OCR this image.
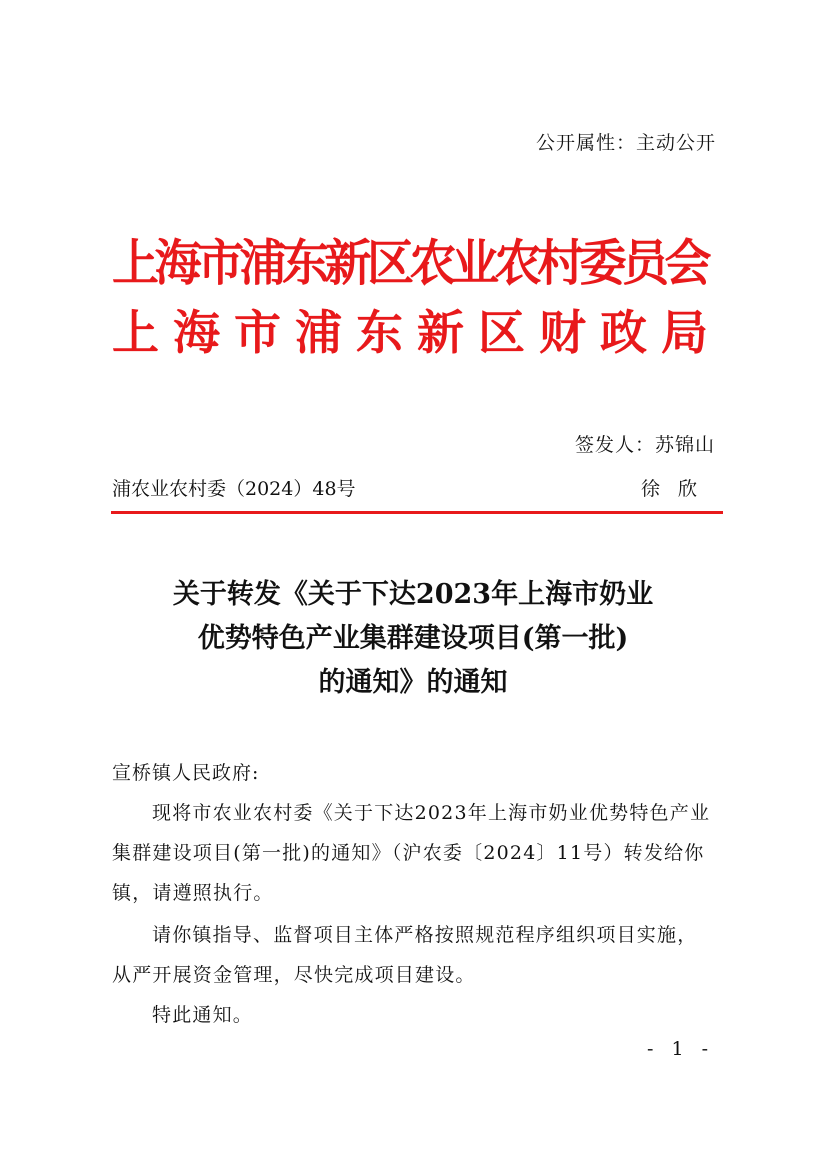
公开属性：主动公开
上海市浦东新区农业农村委员会
上海市浦东新区财政局
签发人：苏锦山
浦农业农村委（2024）48号	徐欣
关于转发《关于下达2023年上海市奶业
优势特色产业集群建设项目(第一批)
的通知》的通知
宣桥镇人民政府:
现将市农业农村委《关于下达2023年上海市奶业优势特色产业集群建设项目(第一批)的通知》（沪农委〔2024〕11号）转发给你镇，请遵照执行。
请你镇指导、监督项目主体严格按照规范程序组织项目实施，从严开展资金管理，尽快完成项目建设。
特此通知。
- 1 -
